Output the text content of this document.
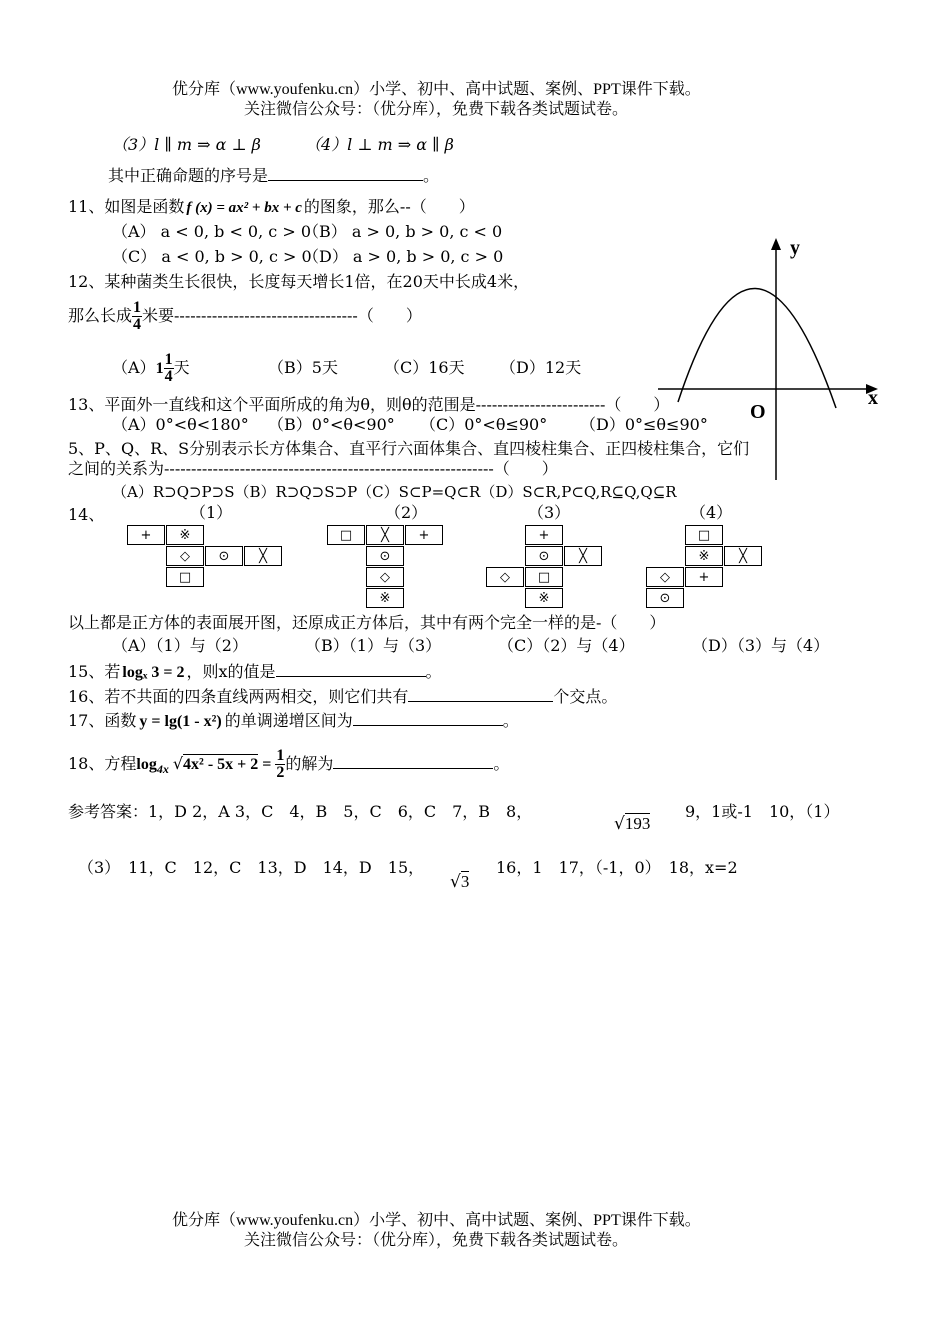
优分库（www.youfenku.cn）小学、初中、高中试题、案例、PPT课件下载。
关注微信公众号：（优分库），免费下载各类试题试卷。
（3）l ∥ m ⇒ α ⊥ β	（4）l ⊥ m ⇒ α ∥ β
其中正确命题的序号是	。
11、如图是函数 f (x) = ax² + bx + c 的图象，那么--（　　）
（A） a < 0, b < 0, c > 0
（B） a > 0, b > 0, c < 0
（C） a < 0, b > 0, c > 0
（D） a > 0, b > 0, c > 0	y
x
O
12、某种菌类生长很快，长度每天增长1倍，在20天中长成4米，
那么长成 $\frac{1}{4}$ 米要----------------------------------（　　）
$(A)1 \frac{1}{4}$ 天	（B）5天	（C）16天 （D）12天
13、平面外一直线和这个平面所成的角为θ，则θ的范围是------------------------（　　）
（A）0°<θ<180° （B）0°<θ<90° （C）0°<θ≤90° （D）0°≤θ≤90°
5、P、Q、R、S分别表示长方体集合、直平行六面体集合、直四棱柱集合、正四棱柱集合，它们
之间的关系为-------------------------------------------------------------（　　）
（A）R⊃Q⊃P⊃S（B）R⊃Q⊃S⊃P（C）S⊂P=Q⊂R（D）S⊂R,P⊂Q,R⊆Q,Q⊆R
14、	（1）	（2）	（3）	（4）
+	※
◇	⊙	╳
□
□	╳	+
⊙
◇
※
+
⊙	╳
◇	□
※
□
※	╳
◇	+
⊙
以上都是正方体的表面展开图，还原成正方体后，其中有两个完全一样的是-（　　）
（A）（1）与（2）	（B）（1）与（3）	（C）（2）与（4）	（D）（3）与（4）
15、若 logₓ 3 = 2 ，则x的值是	。
16、若不共面的四条直线两两相交，则它们共有	个交点。
17、函数 y = lg(1 - x²) 的单调递增区间为	。
18、方程$\log_{4x} √4x^2 - 5x + 2 = \frac{1}{2}$ 的解为	。
参考答案：1，D 2，A 3，C　4，B　5，C　6，C　7，B　8，
√193
9，1或-1　10，（1）
（3）　11，C　12，C　13，D　14，D　15，
√3
16，1　17，（-1，0）　18，x=2
优分库（www.youfenku.cn）小学、初中、高中试题、案例、PPT课件下载。
关注微信公众号：（优分库），免费下载各类试题试卷。
